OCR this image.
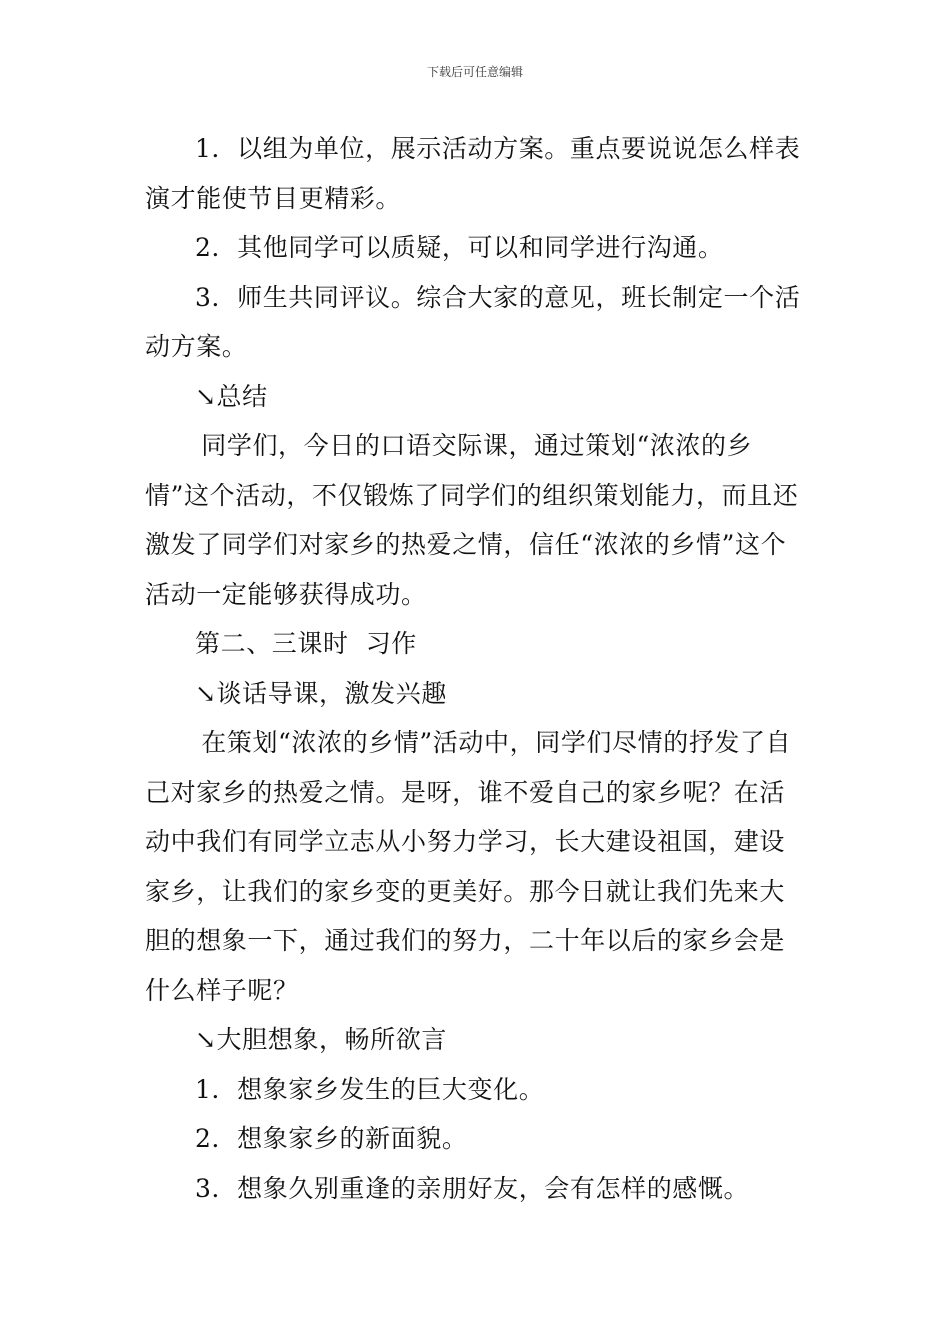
下载后可任意编辑

1．以组为单位，展示活动方案。重点要说说怎么样表演才能使节目更精彩。

2．其他同学可以质疑，可以和同学进行沟通。

3．师生共同评议。综合大家的意见，班长制定一个活动方案。

↘总结

同学们，今日的口语交际课，通过策划“浓浓的乡情”这个活动，不仅锻炼了同学们的组织策划能力，而且还激发了同学们对家乡的热爱之情，信任“浓浓的乡情”这个活动一定能够获得成功。

第二、三课时  习作

↘谈话导课，激发兴趣

在策划“浓浓的乡情”活动中，同学们尽情的抒发了自己对家乡的热爱之情。是呀，谁不爱自己的家乡呢？在活动中我们有同学立志从小努力学习，长大建设祖国，建设家乡，让我们的家乡变的更美好。那今日就让我们先来大胆的想象一下，通过我们的努力，二十年以后的家乡会是什么样子呢？

↘大胆想象，畅所欲言

1．想象家乡发生的巨大变化。

2．想象家乡的新面貌。

3．想象久别重逢的亲朋好友，会有怎样的感慨。
